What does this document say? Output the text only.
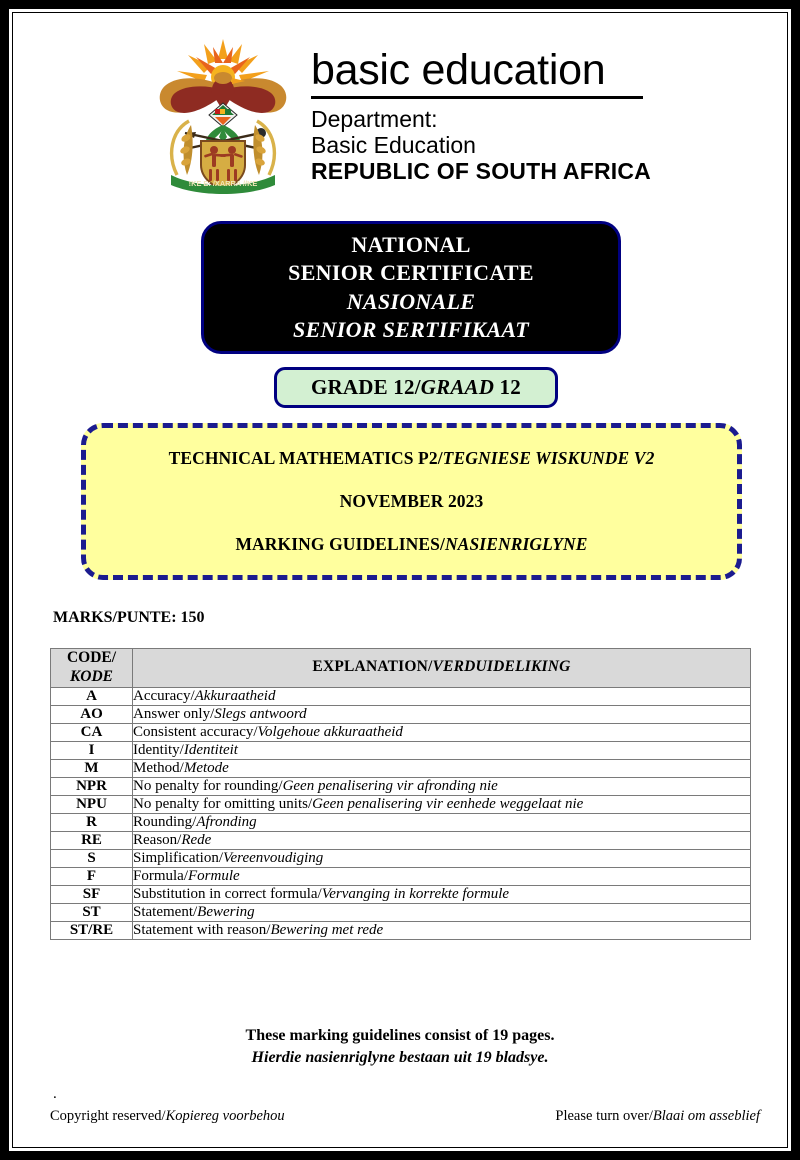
!KE E: /XARRA //KE
basic education
Department:
Basic Education
REPUBLIC OF SOUTH AFRICA
NATIONAL
SENIOR CERTIFICATE
NASIONALE
SENIOR SERTIFIKAAT
GRADE 12/GRAAD 12
TECHNICAL MATHEMATICS P2/TEGNIESE WISKUNDE V2
NOVEMBER 2023
MARKING GUIDELINES/NASIENRIGLYNE
MARKS/PUNTE: 150
CODE/
KODE	EXPLANATION/VERDUIDELIKING
A	Accuracy/Akkuraatheid
AO	Answer only/Slegs antwoord
CA	Consistent accuracy/Volgehoue akkuraatheid
I	Identity/Identiteit
M	Method/Metode
NPR	No penalty for rounding/Geen penalisering vir afronding nie
NPU	No penalty for omitting units/Geen penalisering vir eenhede weggelaat nie
R	Rounding/Afronding
RE	Reason/Rede
S	Simplification/Vereenvoudiging
F	Formula/Formule
SF	Substitution in correct formula/Vervanging in korrekte formule
ST	Statement/Bewering
ST/RE	Statement with reason/Bewering met rede
These marking guidelines consist of 19 pages.
Hierdie nasienriglyne bestaan uit 19 bladsye.
.
Copyright reserved/Kopiereg voorbehou	Please turn over/Blaai om asseblief
